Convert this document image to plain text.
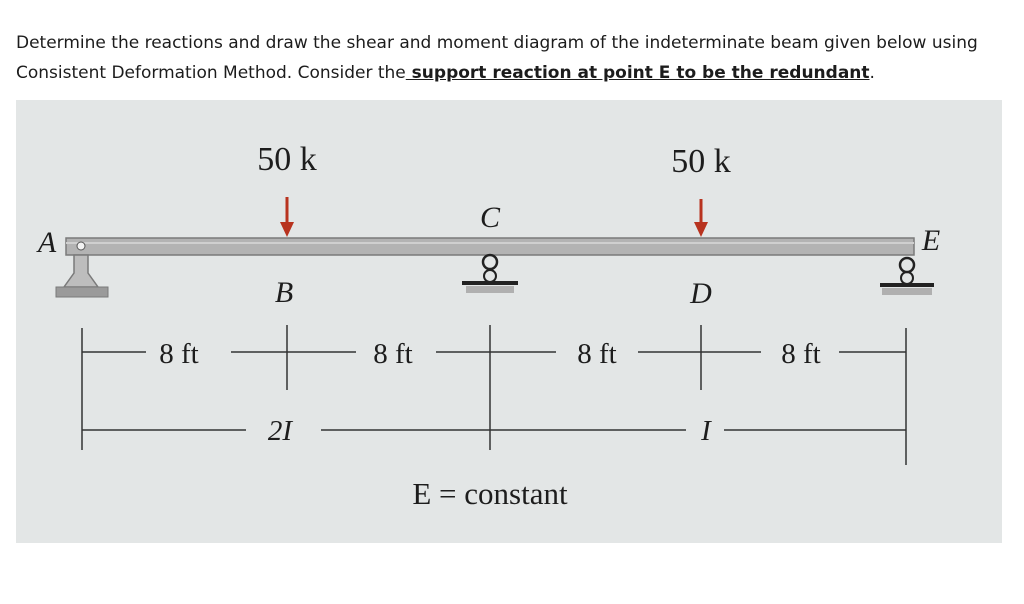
Determine the reactions and draw the shear and moment diagram of the indeterminate beam given below using
Consistent Deformation Method. Consider the support reaction at point E to be the redundant.
50 k	50 k
A
B
C
D
E
8 ft	8 ft	8 ft	8 ft
2I	I
E = constant
